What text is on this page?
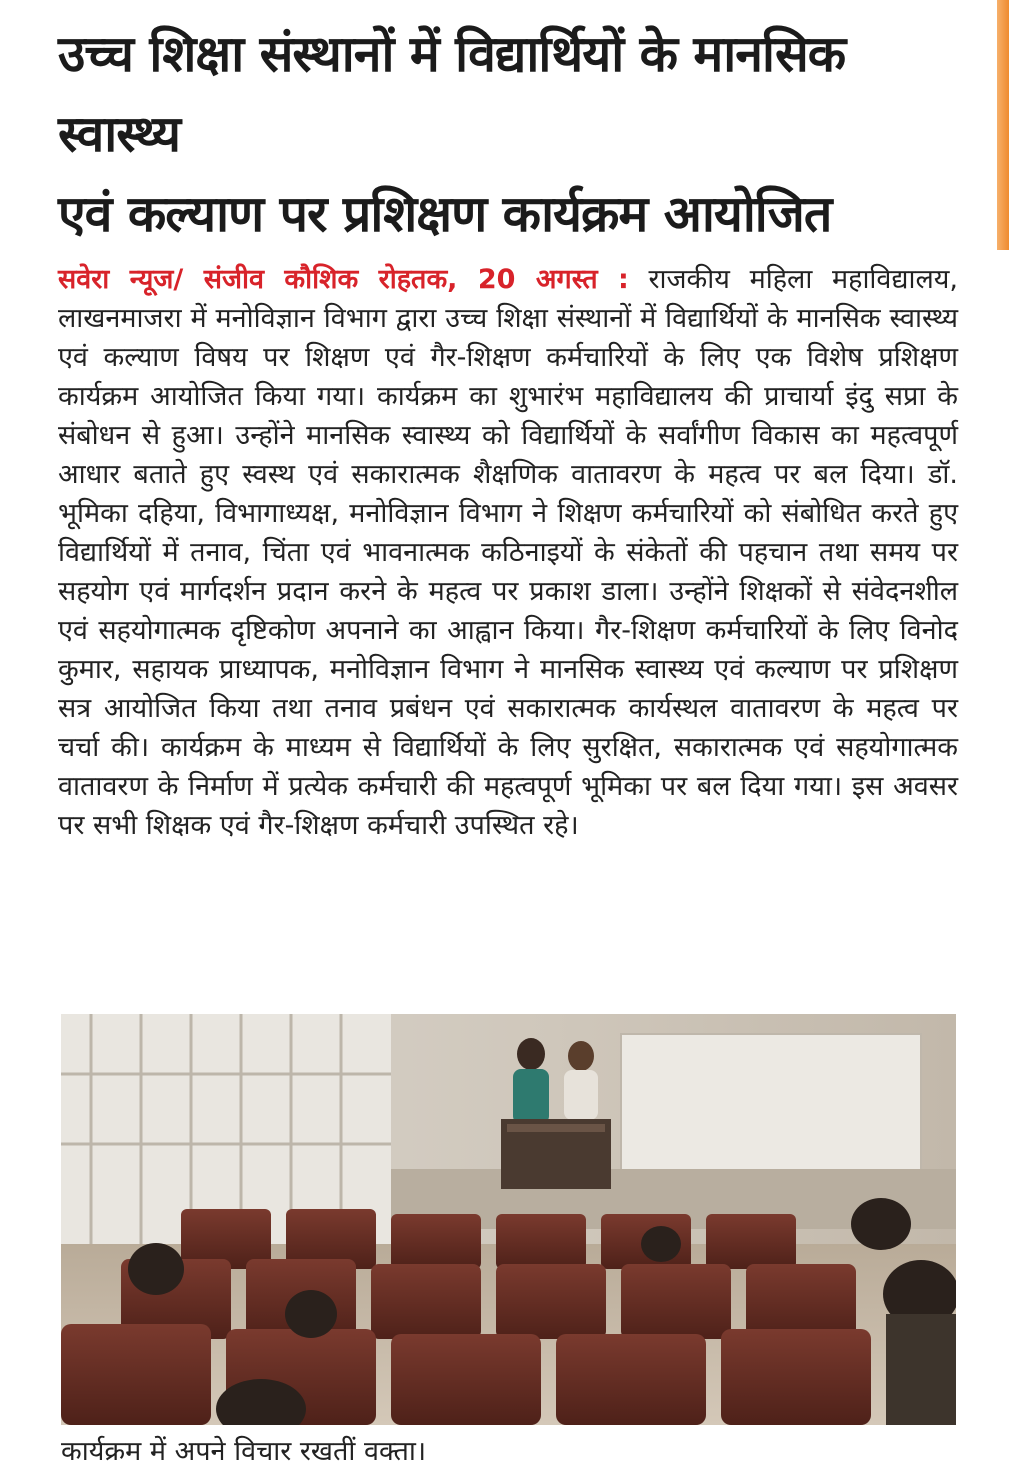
उच्च शिक्षा संस्थानों में विद्यार्थियों के मानसिक स्वास्थ्य
एवं कल्याण पर प्रशिक्षण कार्यक्रम आयोजित
सवेरा न्यूज/ संजीव कौशिक रोहतक, 20 अगस्त : राजकीय महिला महाविद्यालय, लाखनमाजरा में मनोविज्ञान विभाग द्वारा उच्च शिक्षा संस्थानों में विद्यार्थियों के मानसिक स्वास्थ्य एवं कल्याण विषय पर शिक्षण एवं गैर-शिक्षण कर्मचारियों के लिए एक विशेष प्रशिक्षण कार्यक्रम आयोजित किया गया। कार्यक्रम का शुभारंभ महाविद्यालय की प्राचार्या इंदु सप्रा के संबोधन से हुआ। उन्होंने मानसिक स्वास्थ्य को विद्यार्थियों के सर्वांगीण विकास का महत्वपूर्ण आधार बताते हुए स्वस्थ एवं सकारात्मक शैक्षणिक वातावरण के महत्व पर बल दिया। डॉ. भूमिका दहिया, विभागाध्यक्ष, मनोविज्ञान विभाग ने शिक्षण कर्मचारियों को संबोधित करते हुए विद्यार्थियों में तनाव, चिंता एवं भावनात्मक कठिनाइयों के संकेतों की पहचान तथा समय पर सहयोग एवं मार्गदर्शन प्रदान करने के महत्व पर प्रकाश डाला। उन्होंने शिक्षकों से संवेदनशील एवं सहयोगात्मक दृष्टिकोण अपनाने का आह्वान किया। गैर-शिक्षण कर्मचारियों के लिए विनोद कुमार, सहायक प्राध्यापक, मनोविज्ञान विभाग ने मानसिक स्वास्थ्य एवं कल्याण पर प्रशिक्षण सत्र आयोजित किया तथा तनाव प्रबंधन एवं सकारात्मक कार्यस्थल वातावरण के महत्व पर चर्चा की। कार्यक्रम के माध्यम से विद्यार्थियों के लिए सुरक्षित, सकारात्मक एवं सहयोगात्मक वातावरण के निर्माण में प्रत्येक कर्मचारी की महत्वपूर्ण भूमिका पर बल दिया गया। इस अवसर पर सभी शिक्षक एवं गैर-शिक्षण कर्मचारी उपस्थित रहे।
कार्यक्रम में अपने विचार रखतीं वक्ता।
